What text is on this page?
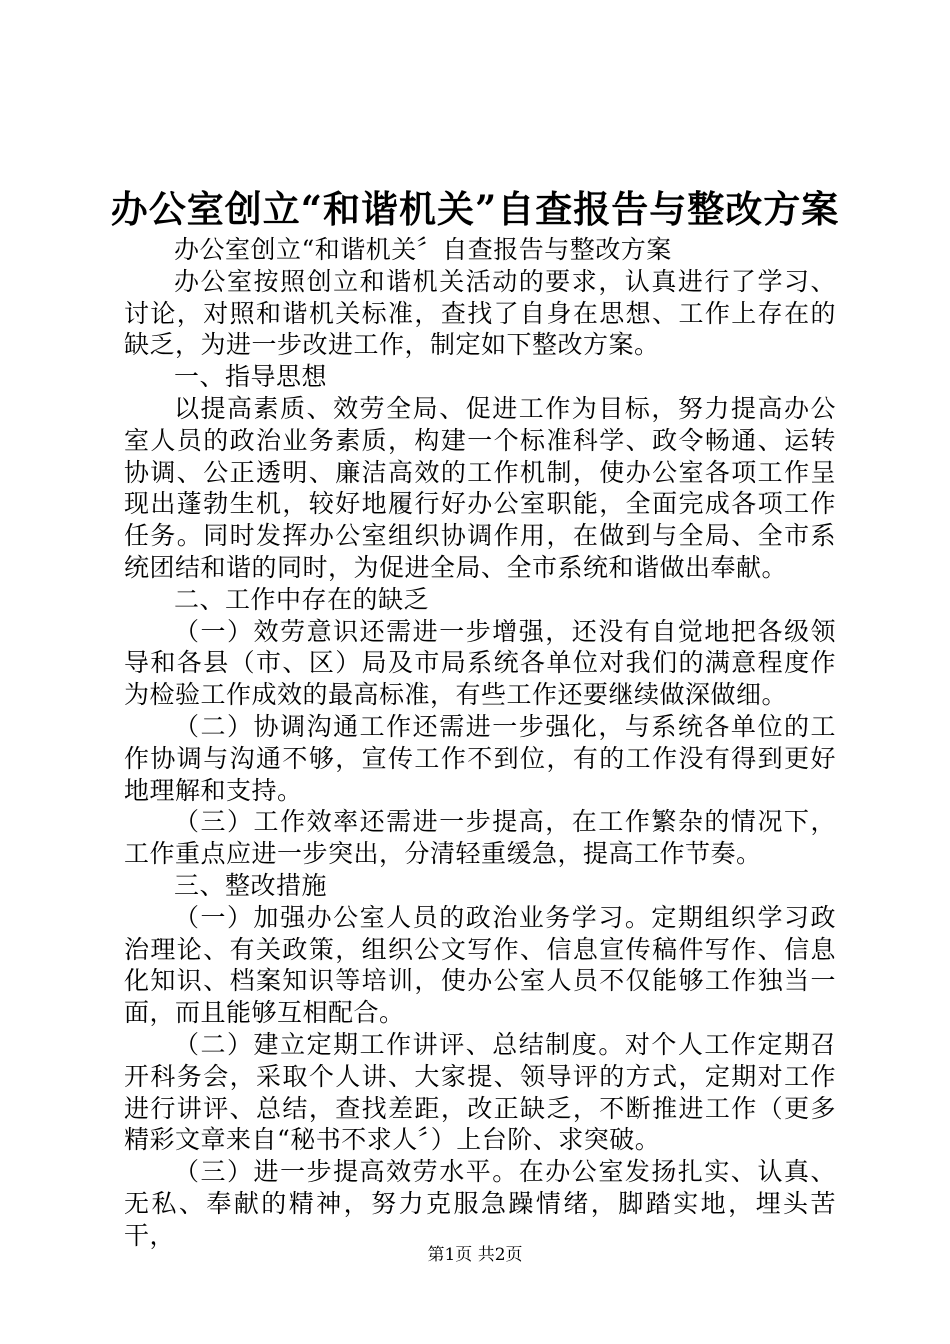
办公室创立“和谐机关”自查报告与整改方案

办公室创立“和谐机关〞自查报告与整改方案

办公室按照创立和谐机关活动的要求，认真进行了学习、讨论，对照和谐机关标准，查找了自身在思想、工作上存在的缺乏，为进一步改进工作，制定如下整改方案。

一、指导思想

以提高素质、效劳全局、促进工作为目标，努力提高办公室人员的政治业务素质，构建一个标准科学、政令畅通、运转协调、公正透明、廉洁高效的工作机制，使办公室各项工作呈现出蓬勃生机，较好地履行好办公室职能，全面完成各项工作任务。同时发挥办公室组织协调作用，在做到与全局、全市系统团结和谐的同时，为促进全局、全市系统和谐做出奉献。

二、工作中存在的缺乏

（一）效劳意识还需进一步增强，还没有自觉地把各级领导和各县（市、区）局及市局系统各单位对我们的满意程度作为检验工作成效的最高标准，有些工作还要继续做深做细。

（二）协调沟通工作还需进一步强化，与系统各单位的工作协调与沟通不够，宣传工作不到位，有的工作没有得到更好地理解和支持。

（三）工作效率还需进一步提高，在工作繁杂的情况下，工作重点应进一步突出，分清轻重缓急，提高工作节奏。

三、整改措施

（一）加强办公室人员的政治业务学习。定期组织学习政治理论、有关政策，组织公文写作、信息宣传稿件写作、信息化知识、档案知识等培训，使办公室人员不仅能够工作独当一面，而且能够互相配合。

（二）建立定期工作讲评、总结制度。对个人工作定期召开科务会，采取个人讲、大家提、领导评的方式，定期对工作进行讲评、总结，查找差距，改正缺乏，不断推进工作（更多精彩文章来自“秘书不求人〞）上台阶、求突破。

（三）进一步提高效劳水平。在办公室发扬扎实、认真、无私、奉献的精神，努力克服急躁情绪，脚踏实地，埋头苦干，

第1页 共2页
